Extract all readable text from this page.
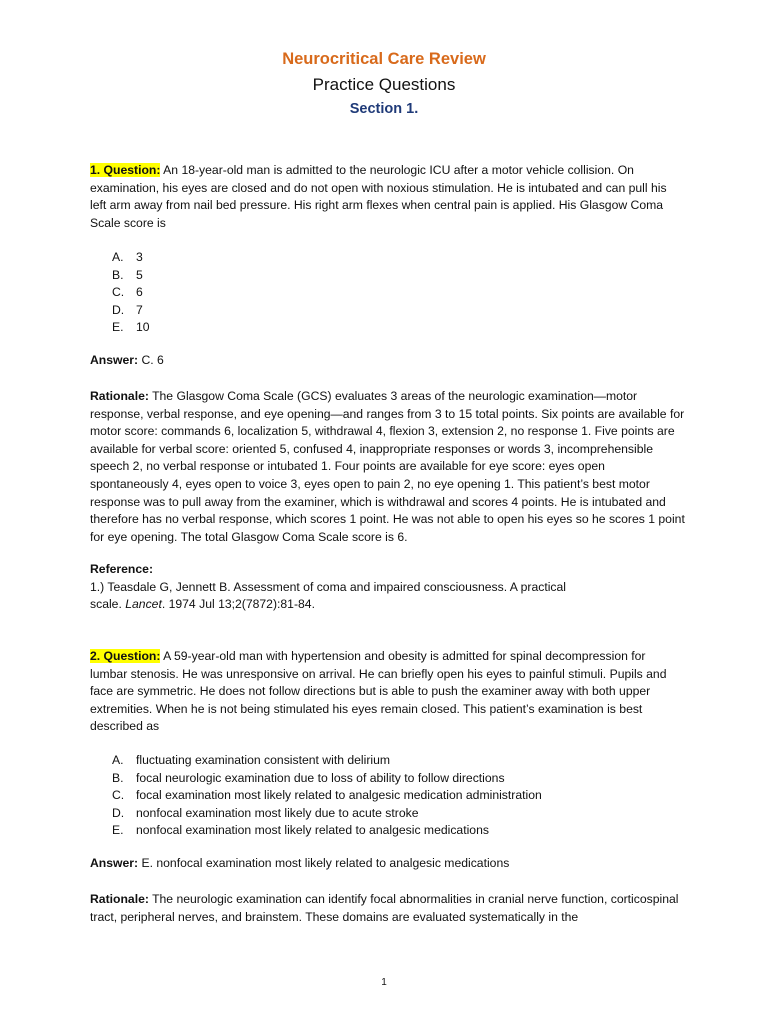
Neurocritical Care Review
Practice Questions
Section 1.
1. Question: An 18-year-old man is admitted to the neurologic ICU after a motor vehicle collision. On examination, his eyes are closed and do not open with noxious stimulation. He is intubated and can pull his left arm away from nail bed pressure. His right arm flexes when central pain is applied. His Glasgow Coma Scale score is
A.	3
B.	5
C. 6
D. 7
E.	10
Answer: C. 6
Rationale: The Glasgow Coma Scale (GCS) evaluates 3 areas of the neurologic examination—motor response, verbal response, and eye opening—and ranges from 3 to 15 total points. Six points are available for motor score: commands 6, localization 5, withdrawal 4, flexion 3, extension 2, no response 1. Five points are available for verbal score: oriented 5, confused 4, inappropriate responses or words 3, incomprehensible speech 2, no verbal response or intubated 1. Four points are available for eye score: eyes open spontaneously 4, eyes open to voice 3, eyes open to pain 2, no eye opening 1. This patient’s best motor response was to pull away from the examiner, which is withdrawal and scores 4 points. He is intubated and therefore has no verbal response, which scores 1 point. He was not able to open his eyes so he scores 1 point for eye opening. The total Glasgow Coma Scale score is 6.
Reference:
1.) Teasdale G, Jennett B. Assessment of coma and impaired consciousness. A practical
scale. Lancet. 1974 Jul 13;2(7872):81-84.
2. Question: A 59-year-old man with hypertension and obesity is admitted for spinal decompression for lumbar stenosis. He was unresponsive on arrival. He can briefly open his eyes to painful stimuli. Pupils and face are symmetric. He does not follow directions but is able to push the examiner away with both upper extremities. When he is not being stimulated his eyes remain closed. This patient’s examination is best described as
A.	fluctuating examination consistent with delirium
B.	focal neurologic examination due to loss of ability to follow directions
C. focal examination most likely related to analgesic medication administration
D. nonfocal examination most likely due to acute stroke
E.	nonfocal examination most likely related to analgesic medications
Answer: E. nonfocal examination most likely related to analgesic medications
Rationale: The neurologic examination can identify focal abnormalities in cranial nerve function, corticospinal tract, peripheral nerves, and brainstem. These domains are evaluated systematically in the
1
